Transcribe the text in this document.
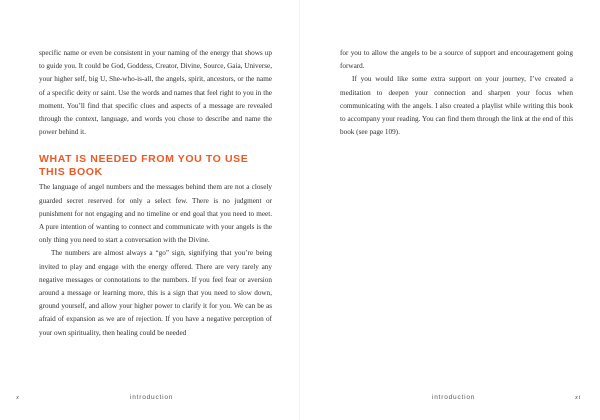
specific name or even be consistent in your naming of the energy that shows up to guide you. It could be God, Goddess, Creator, Divine, Source, Gaia, Universe, your higher self, big U, She-who-is-all, the angels, spirit, ancestors, or the name of a specific deity or saint. Use the words and names that feel right to you in the moment. You’ll find that specific clues and aspects of a message are revealed through the context, language, and words you chose to describe and name the power behind it.

WHAT IS NEEDED FROM YOU TO USE THIS BOOK

The language of angel numbers and the messages behind them are not a closely guarded secret reserved for only a select few. There is no judgment or punishment for not engaging and no timeline or end goal that you need to meet. A pure intention of wanting to connect and communicate with your angels is the only thing you need to start a conversation with the Divine.

The numbers are almost always a “go” sign, signifying that you’re being invited to play and engage with the energy offered. There are very rarely any negative messages or connotations to the numbers. If you feel fear or aversion around a message or learning more, this is a sign that you need to slow down, ground yourself, and allow your higher power to clarify it for you. We can be as afraid of expansion as we are of rejection. If you have a negative perception of your own spirituality, then healing could be needed

for you to allow the angels to be a source of support and encouragement going forward.

If you would like some extra support on your journey, I’ve created a meditation to deepen your connection and sharpen your focus when communicating with the angels. I also created a playlist while writing this book to accompany your reading. You can find them through the link at the end of this book (see page 109).

x	introduction	introduction	xi
